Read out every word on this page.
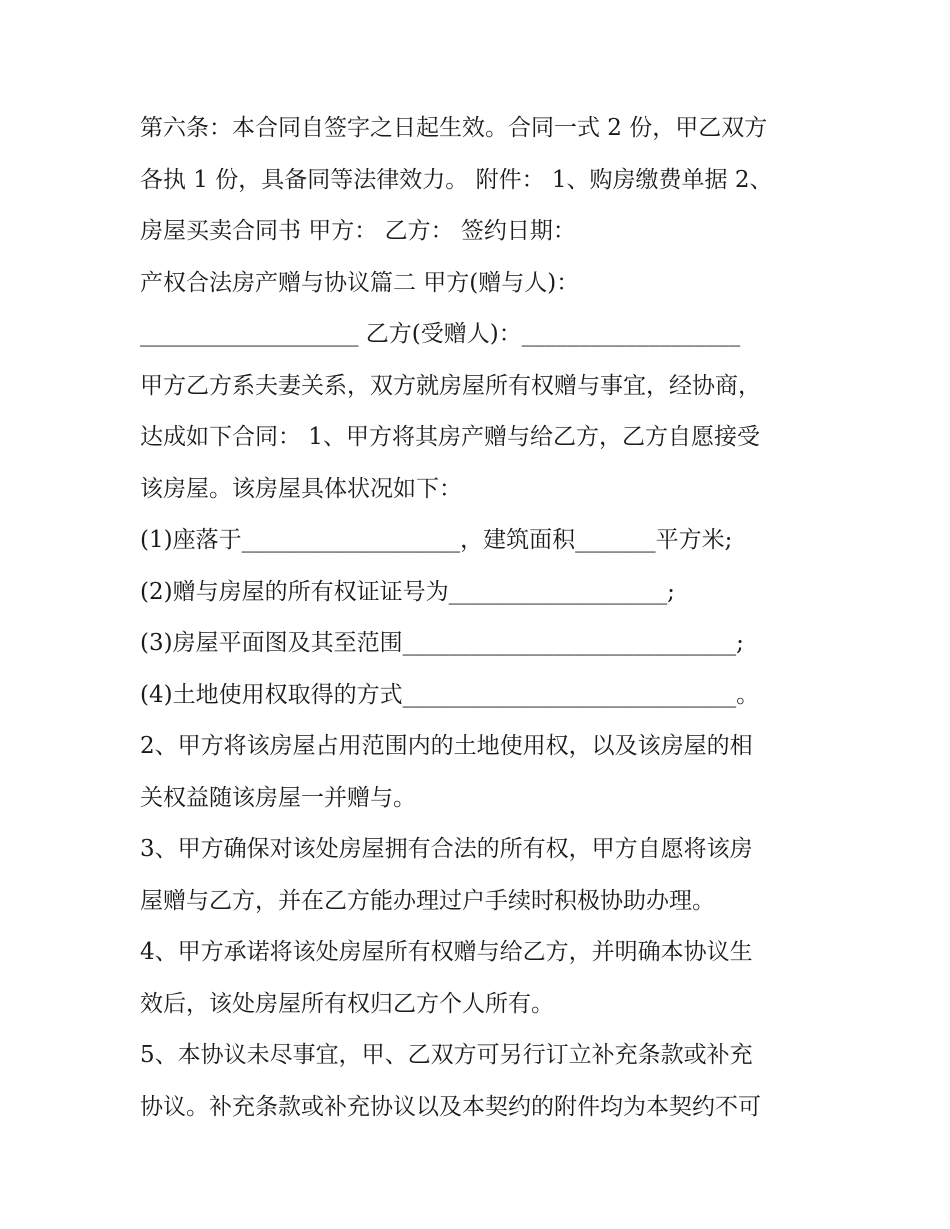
第六条：本合同自签字之日起生效。合同一式 2 份，甲乙双方
各执 1 份，具备同等法律效力。 附件： 1、购房缴费单据 2、
房屋买卖合同书 甲方： 乙方： 签约日期：
产权合法房产赠与协议篇二 甲方(赠与人)：
___________________ 乙方(受赠人)：___________________
甲方乙方系夫妻关系，双方就房屋所有权赠与事宜，经协商，
达成如下合同： 1、甲方将其房产赠与给乙方，乙方自愿接受
该房屋。该房屋具体状况如下：
(1)座落于___________________，建筑面积_______平方米;
(2)赠与房屋的所有权证证号为___________________;
(3)房屋平面图及其至范围_____________________________;
(4)土地使用权取得的方式_____________________________。
2、甲方将该房屋占用范围内的土地使用权，以及该房屋的相
关权益随该房屋一并赠与。
3、甲方确保对该处房屋拥有合法的所有权，甲方自愿将该房
屋赠与乙方，并在乙方能办理过户手续时积极协助办理。
4、甲方承诺将该处房屋所有权赠与给乙方，并明确本协议生
效后，该处房屋所有权归乙方个人所有。
5、本协议未尽事宜，甲、乙双方可另行订立补充条款或补充
协议。补充条款或补充协议以及本契约的附件均为本契约不可
